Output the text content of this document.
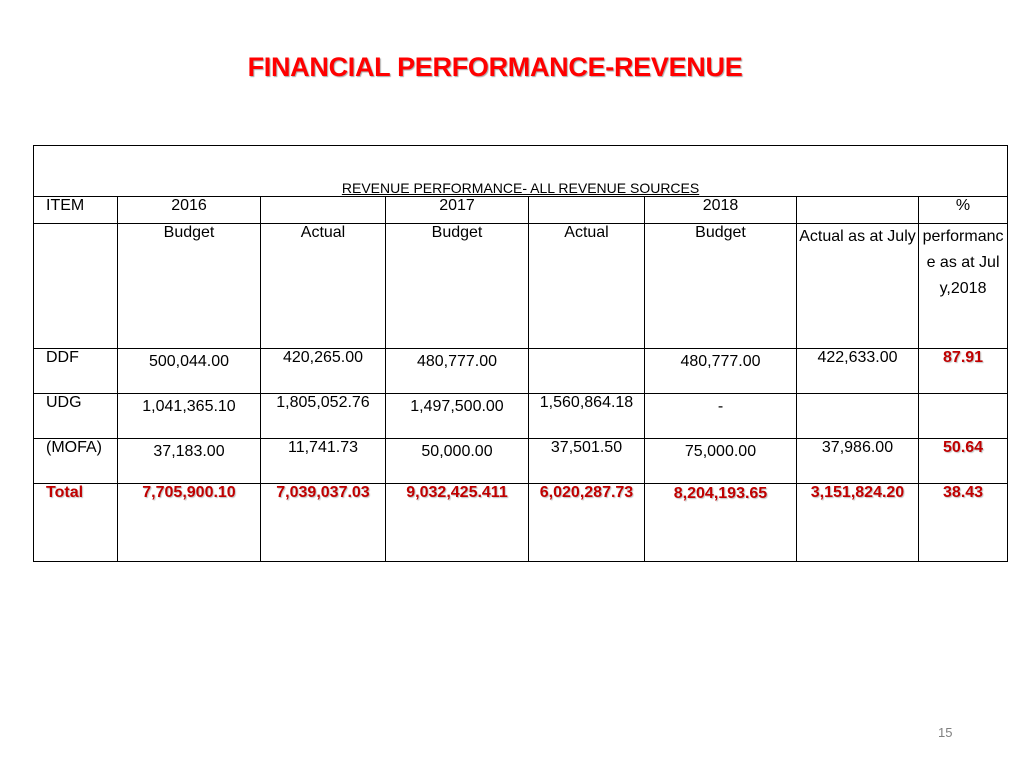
FINANCIAL PERFORMANCE-REVENUE
REVENUE PERFORMANCE- ALL REVENUE SOURCES							
ITEM	2016		2017		2018		%
	Budget	Actual	Budget	Actual	Budget	Actual as at July	performance as at July,2018
DDF	500,044.00	420,265.00	480,777.00		480,777.00	422,633.00	87.91
UDG	1,041,365.10	1,805,052.76	1,497,500.00	1,560,864.18	-		
(MOFA)	37,183.00	11,741.73	50,000.00	37,501.50	75,000.00	37,986.00	50.64
Total	7,705,900.10	7,039,037.03	9,032,425.411	6,020,287.73	8,204,193.65	3,151,824.20	38.43
15
